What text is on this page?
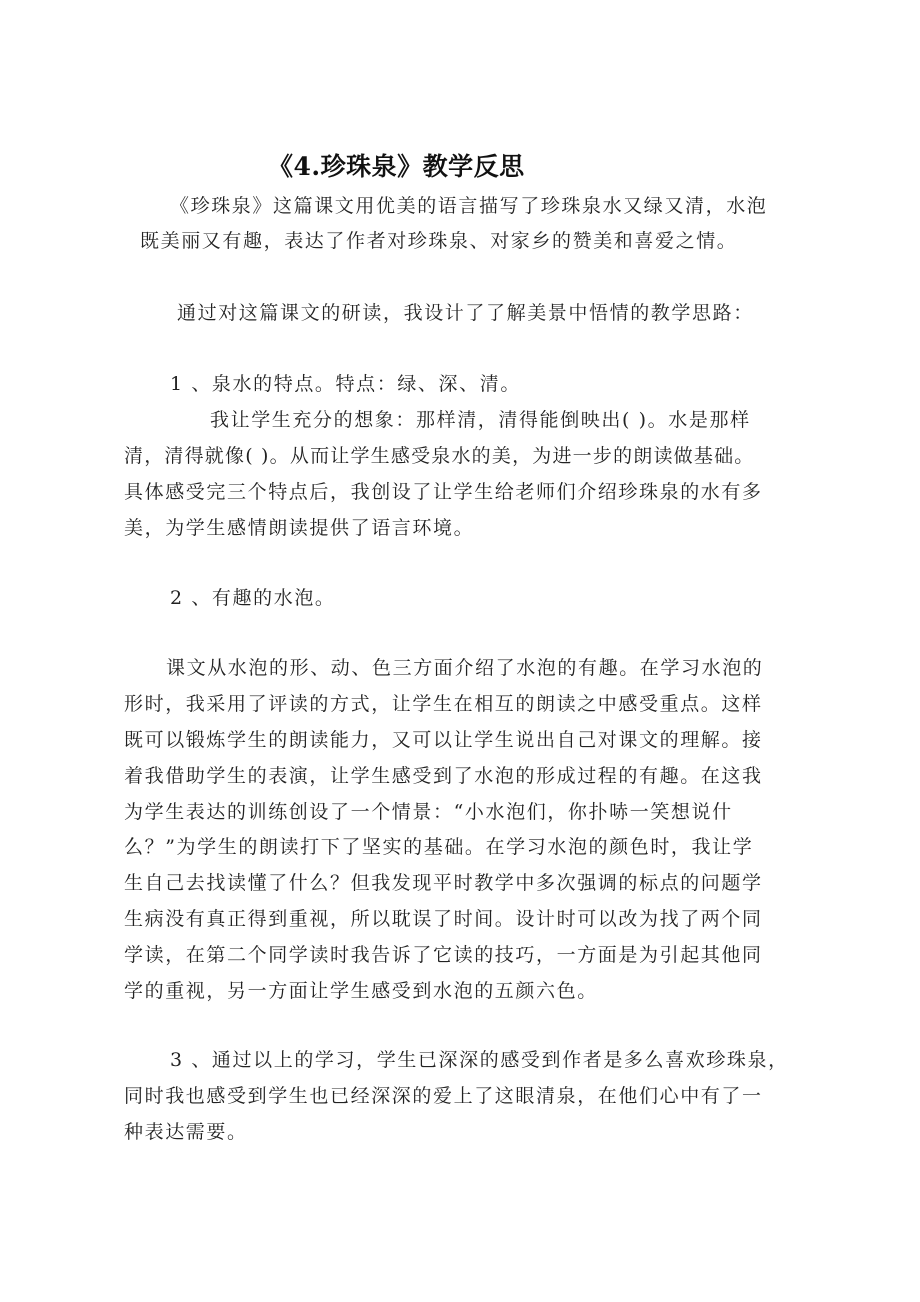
《4.珍珠泉》教学反思
《珍珠泉》这篇课文用优美的语言描写了珍珠泉水又绿又清，水泡
既美丽又有趣，表达了作者对珍珠泉、对家乡的赞美和喜爱之情。
通过对这篇课文的研读，我设计了了解美景中悟情的教学思路：
1 、泉水的特点。特点：绿、深、清。
我让学生充分的想象：那样清，清得能倒映出( )。水是那样
清，清得就像( )。从而让学生感受泉水的美，为进一步的朗读做基础。
具体感受完三个特点后，我创设了让学生给老师们介绍珍珠泉的水有多
美，为学生感情朗读提供了语言环境。
2 、有趣的水泡。
课文从水泡的形、动、色三方面介绍了水泡的有趣。在学习水泡的
形时，我采用了评读的方式，让学生在相互的朗读之中感受重点。这样
既可以锻炼学生的朗读能力，又可以让学生说出自己对课文的理解。接
着我借助学生的表演，让学生感受到了水泡的形成过程的有趣。在这我
为学生表达的训练创设了一个情景：“小水泡们，你扑哧一笑想说什
么？”为学生的朗读打下了坚实的基础。在学习水泡的颜色时，我让学
生自己去找读懂了什么？但我发现平时教学中多次强调的标点的问题学
生病没有真正得到重视，所以耽误了时间。设计时可以改为找了两个同
学读，在第二个同学读时我告诉了它读的技巧，一方面是为引起其他同
学的重视，另一方面让学生感受到水泡的五颜六色。
3 、通过以上的学习，学生已深深的感受到作者是多么喜欢珍珠泉，
同时我也感受到学生也已经深深的爱上了这眼清泉，在他们心中有了一
种表达需要。
